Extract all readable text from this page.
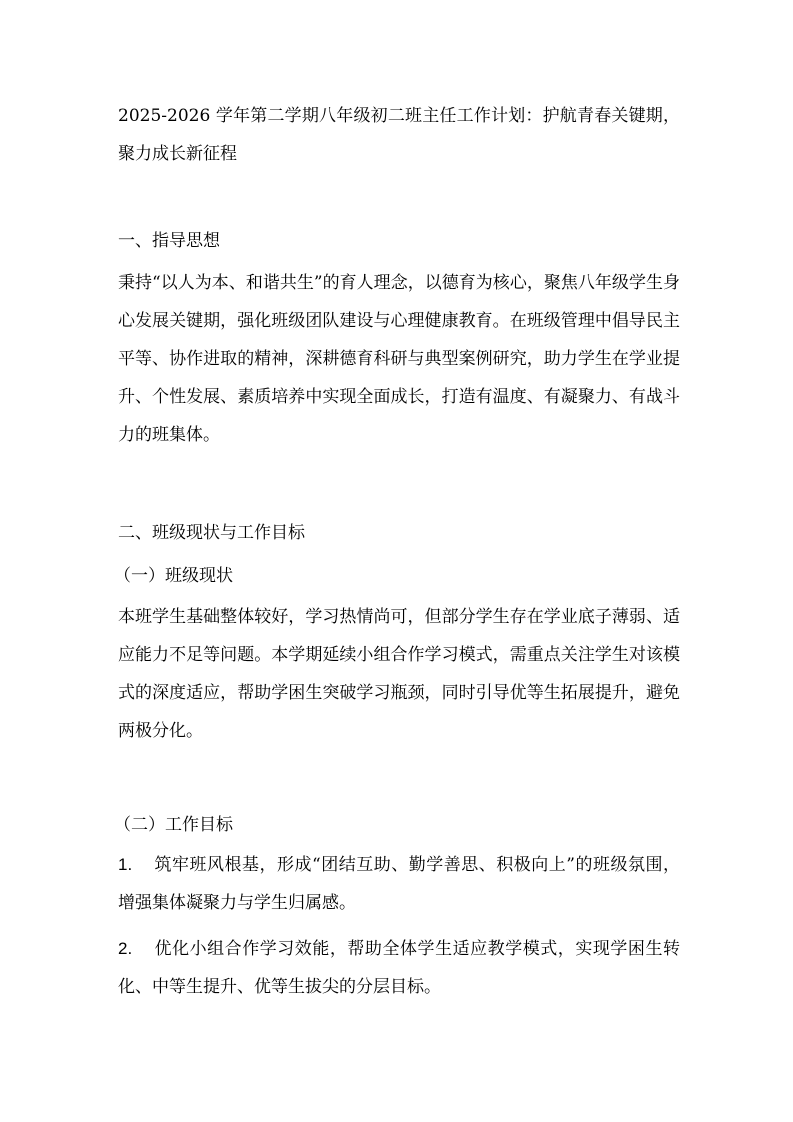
2025-2026 学年第二学期八年级初二班主任工作计划：护航青春关键期，聚力成长新征程

一、指导思想

秉持“以人为本、和谐共生”的育人理念，以德育为核心，聚焦八年级学生身心发展关键期，强化班级团队建设与心理健康教育。在班级管理中倡导民主平等、协作进取的精神，深耕德育科研与典型案例研究，助力学生在学业提升、个性发展、素质培养中实现全面成长，打造有温度、有凝聚力、有战斗力的班集体。

二、班级现状与工作目标

（一）班级现状

本班学生基础整体较好，学习热情尚可，但部分学生存在学业底子薄弱、适应能力不足等问题。本学期延续小组合作学习模式，需重点关注学生对该模式的深度适应，帮助学困生突破学习瓶颈，同时引导优等生拓展提升，避免两极分化。

（二）工作目标

1. 筑牢班风根基，形成“团结互助、勤学善思、积极向上”的班级氛围，增强集体凝聚力与学生归属感。
2. 优化小组合作学习效能，帮助全体学生适应教学模式，实现学困生转化、中等生提升、优等生拔尖的分层目标。
